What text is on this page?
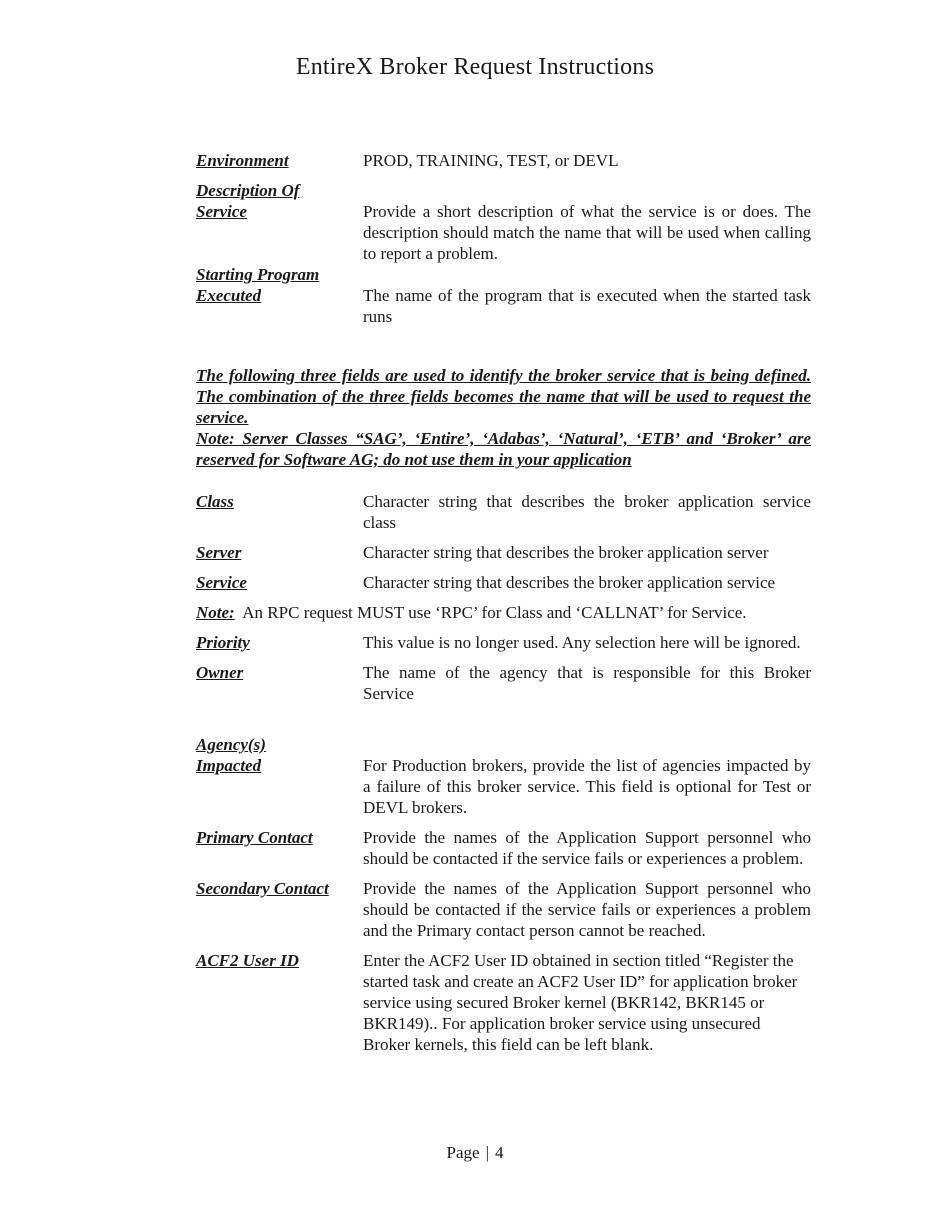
EntireX Broker Request Instructions
Environment	PROD, TRAINING, TEST, or DEVL
Description Of
Service	Provide a short description of what the service is or does. The description should match the name that will be used when calling to report a problem.
Starting Program
Executed	The name of the program that is executed when the started task runs
The following three fields are used to identify the broker service that is being defined. The combination of the three fields becomes the name that will be used to request the service.
Note: Server Classes “SAG’, ‘Entire’, ‘Adabas’, ‘Natural’, ‘ETB’ and ‘Broker’ are reserved for Software AG; do not use them in your application
Class	Character string that describes the broker application service class
Server	Character string that describes the broker application server
Service	Character string that describes the broker application service
Note: An RPC request MUST use ‘RPC’ for Class and ‘CALLNAT’ for Service.
Priority	This value is no longer used. Any selection here will be ignored.
Owner	The name of the agency that is responsible for this Broker Service
Agency(s)
Impacted	For Production brokers, provide the list of agencies impacted by a failure of this broker service. This field is optional for Test or DEVL brokers.
Primary Contact	Provide the names of the Application Support personnel who should be contacted if the service fails or experiences a problem.
Secondary Contact	Provide the names of the Application Support personnel who should be contacted if the service fails or experiences a problem and the Primary contact person cannot be reached.
ACF2 User ID	Enter the ACF2 User ID obtained in section titled “Register the started task and create an ACF2 User ID” for application broker service using secured Broker kernel (BKR142, BKR145 or BKR149).. For application broker service using unsecured Broker kernels, this field can be left blank.
Page | 4
